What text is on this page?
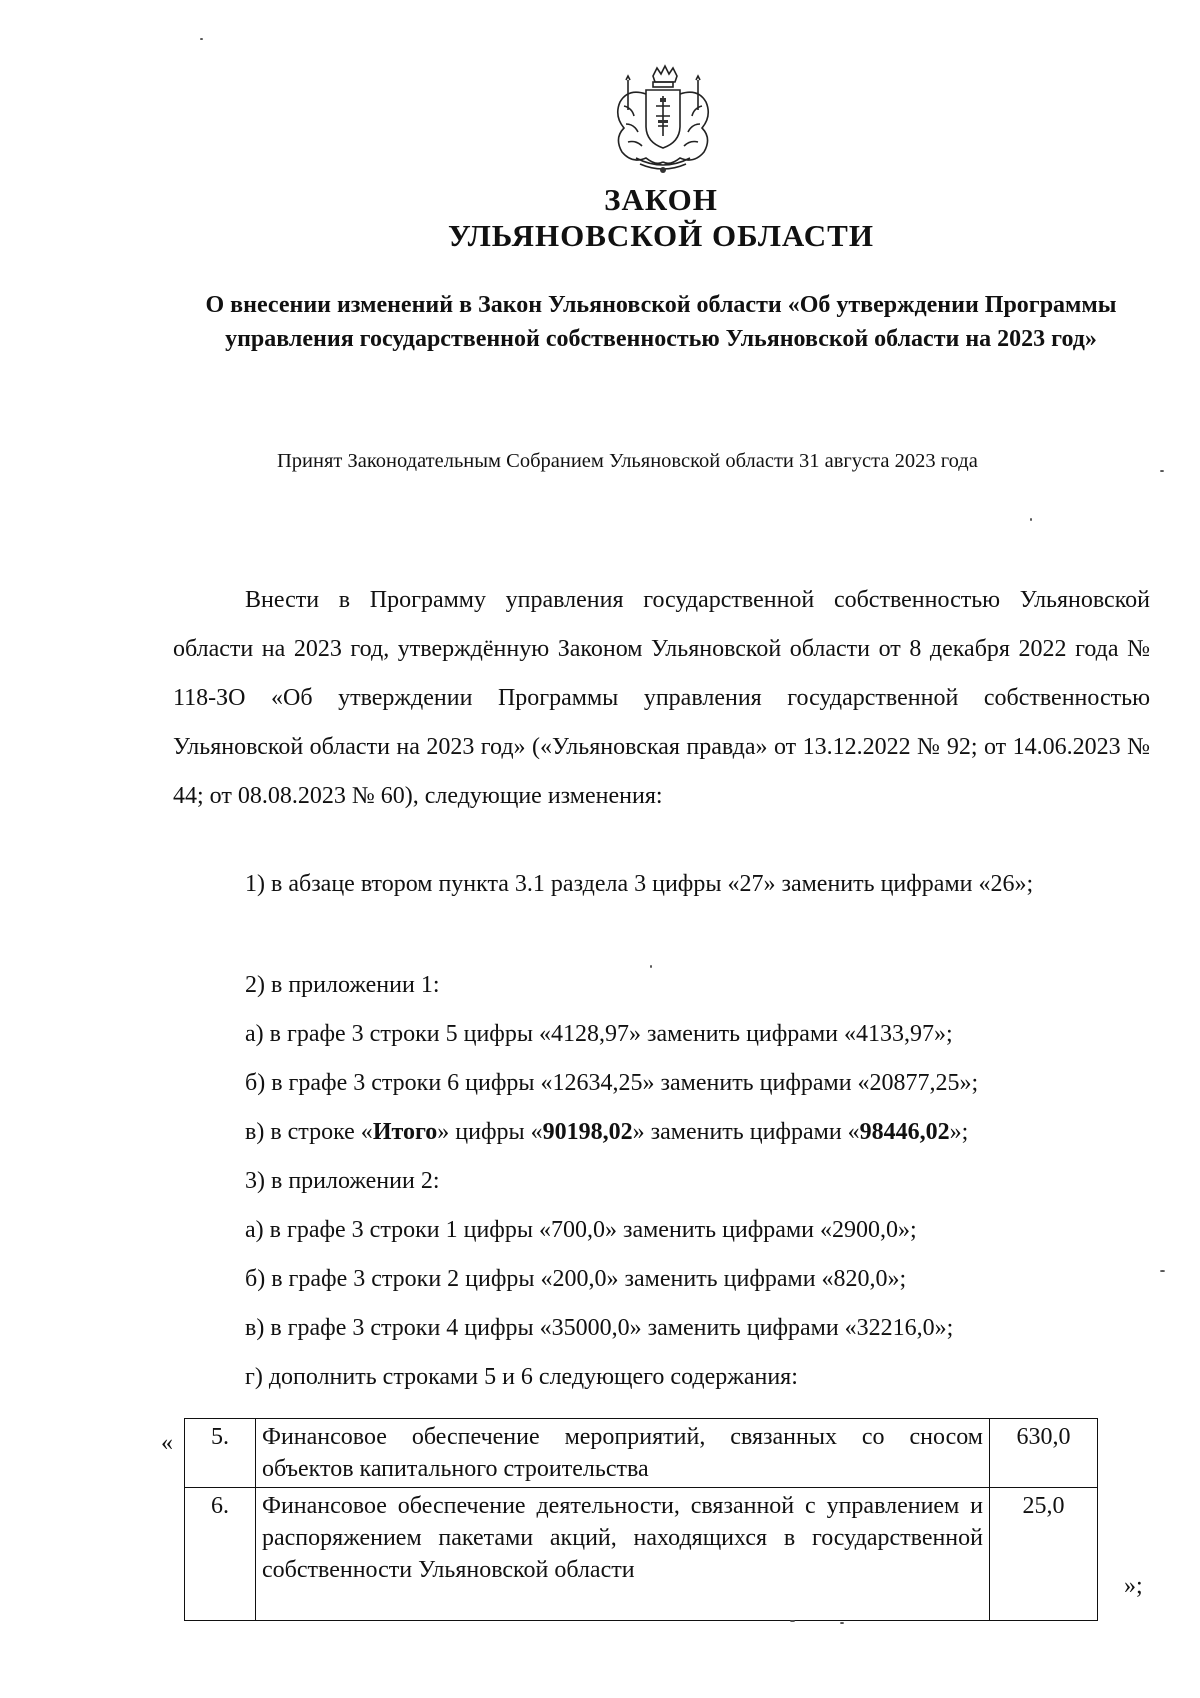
ЗАКОН
УЛЬЯНОВСКОЙ ОБЛАСТИ

О внесении изменений в Закон Ульяновской области «Об утверждении Программы управления государственной собственностью Ульяновской области на 2023 год»

Принят Законодательным Собранием Ульяновской области 31 августа 2023 года

Внести в Программу управления государственной собственностью Ульяновской области на 2023 год, утверждённую Законом Ульяновской области от 8 декабря 2022 года № 118-ЗО «Об утверждении Программы управления государственной собственностью Ульяновской области на 2023 год» («Ульяновская правда» от 13.12.2022 № 92; от 14.06.2023 № 44; от 08.08.2023 № 60), следующие изменения:

1) в абзаце втором пункта 3.1 раздела 3 цифры «27» заменить цифрами «26»;

2) в приложении 1:

а) в графе 3 строки 5 цифры «4128,97» заменить цифрами «4133,97»;

б) в графе 3 строки 6 цифры «12634,25» заменить цифрами «20877,25»;

в) в строке «Итого» цифры «90198,02» заменить цифрами «98446,02»;

3) в приложении 2:

а) в графе 3 строки 1 цифры «700,0» заменить цифрами «2900,0»;

б) в графе 3 строки 2 цифры «200,0» заменить цифрами «820,0»;

в) в графе 3 строки 4 цифры «35000,0» заменить цифрами «32216,0»;

г) дополнить строками 5 и 6 следующего содержания:

« 5.	Финансовое обеспечение мероприятий, связанных со сносом объектов капитального строительства	630,0
6.	Финансовое обеспечение деятельности, связанной с управлением и распоряжением пакетами акций, находящихся в государственной собственности Ульяновской области	25,0
»;
